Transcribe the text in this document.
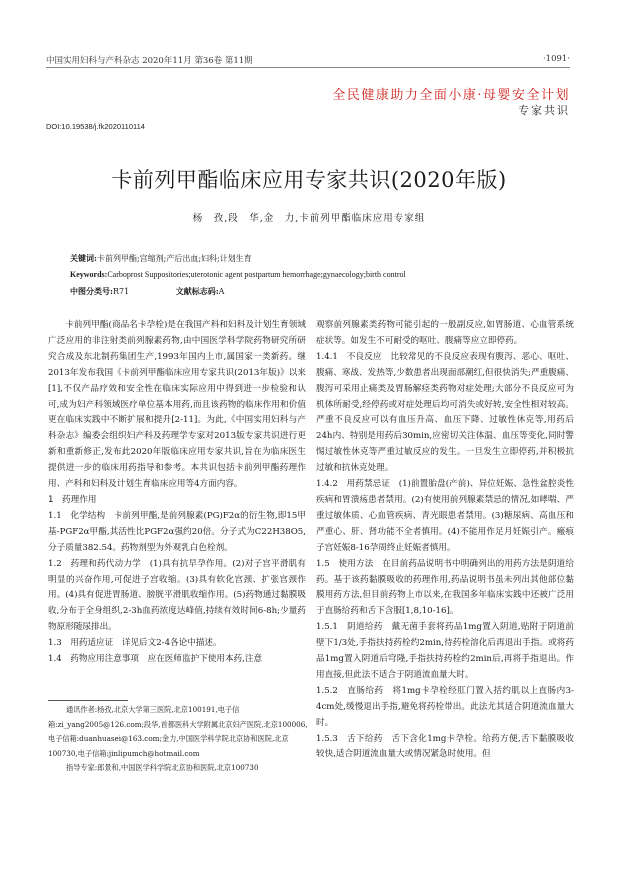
中国实用妇科与产科杂志 2020年11月 第36卷 第11期	·1091·
全民健康助力全面小康·母婴安全计划
专家共识
DOI:10.19538/j.fk2020110114
卡前列甲酯临床应用专家共识(2020年版)
杨　孜,段　华,金　力,卡前列甲酯临床应用专家组
关键词:卡前列甲酯;宫缩剂;产后出血;妇科;计划生育
Keywords:Carboprost Suppositories;uterotonic agent postpartum hemorrhage;gynaecology;birth control
中图分类号:R71	文献标志码:A

卡前列甲酯(商品名卡孕栓)是在我国产科和妇科及计划生育领域广泛应用的非注射类前列腺素药物,由中国医学科学院药物研究所研究合成及东北制药集团生产,1993年国内上市,属国家一类新药。继2013年发布我国《卡前列甲酯临床应用专家共识(2013年版)》以来[1],不仅产品疗效和安全性在临床实际应用中得到进一步检验和认可,成为妇产科领域医疗单位基本用药,而且该药物的临床作用和价值更在临床实践中不断扩展和提升[2-11]。为此,《中国实用妇科与产科杂志》编委会组织妇产科及药理学专家对2013版专家共识进行更新和重新修正,发布此2020年版临床应用专家共识,旨在为临床医生提供进一步的临床用药指导和参考。本共识包括卡前列甲酯药理作用、产科和妇科及计划生育临床应用等4方面内容。

1　药理作用

1.1　化学结构　卡前列甲酯,是前列腺素(PG)F2α的衍生物,即15甲基-PGF2α甲酯,其活性比PGF2α强约20倍。分子式为C22H38O5,分子质量382.54。药物剂型为外观乳白色栓剂。

1.2　药理和药代动力学　(1)具有抗早孕作用。(2)对子宫平滑肌有明显的兴奋作用,可促进子宫收缩。(3)具有软化宫颈、扩张宫颈作用。(4)具有促进胃肠道、膀胱平滑肌收缩作用。(5)药物通过黏膜吸收,分布于全身组织,2-3h血药浓度达峰值,持续有效时间6-8h;少量药物原形随尿排出。

1.3　用药适应证　详见后文2-4各论中描述。

1.4　药物应用注意事项　应在医师监护下使用本药,注意

观察前列腺素类药物可能引起的一般副反应,如胃肠道、心血管系统症状等。如发生不可耐受的呕吐、腹痛等应立即停药。

1.4.1　不良反应　比较常见的不良反应表现有腹泻、恶心、呕吐、腹痛、寒战、发热等,少数患者出现面部潮红,但很快消失;严重腹痛、腹泻可采用止痛类及胃肠解痉类药物对症处理;大部分不良反应可为机体所耐受,经停药或对症处理后均可消失或好转,安全性相对较高。严重不良反应可以有血压升高、血压下降、过敏性休克等,用药后24h内、特别是用药后30min,应密切关注体温、血压等变化,同时警惕过敏性休克等严重过敏反应的发生。一旦发生立即停药,并积极抗过敏和抗休克处理。

1.4.2　用药禁忌证　(1)前置胎盘(产前)、异位妊娠、急性盆腔炎性疾病和胃溃疡患者禁用。(2)有使用前列腺素禁忌的情况,如哮喘、严重过敏体质、心血管疾病、青光眼患者禁用。(3)糖尿病、高血压和严重心、肝、肾功能不全者慎用。(4)不能用作足月妊娠引产。瘢痕子宫妊娠8-16孕周终止妊娠者慎用。

1.5　使用方法　在目前药品说明书中明确列出的用药方法是阴道给药。基于该药黏膜吸收的药理作用,药品说明书虽未列出其他部位黏膜用药方法,但目前药物上市以来,在我国多年临床实践中还被广泛用于直肠给药和舌下含服[1,8,10-16]。

1.5.1　阴道给药　戴无菌手套将药品1mg置入阴道,贴附于阴道前壁下1/3处,手指扶持药栓约2min,待药栓溶化后再退出手指。或将药品1mg置入阴道后穹隆,手指扶持药栓约2min后,再将手指退出。作用直接,但此法不适合于阴道流血量大时。

1.5.2　直肠给药　将1mg卡孕栓经肛门置入括约肌以上直肠内3-4cm处,缓慢退出手指,避免将药栓带出。此法尤其适合阴道流血量大时。

1.5.3　舌下给药　舌下含化1mg卡孕栓。给药方便,舌下黏膜吸收较快,适合阴道流血量大或情况紧急时使用。但

通讯作者:杨孜,北京大学第三医院,北京100191,电子信箱:zi_yang2005@126.com;段华,首都医科大学附属北京妇产医院,北京100006,电子信箱:duanhuasei@163.com;金力,中国医学科学院北京协和医院,北京100730,电子信箱:jinlipumch@hotmail.com

指导专家:郎景和,中国医学科学院北京协和医院,北京100730
